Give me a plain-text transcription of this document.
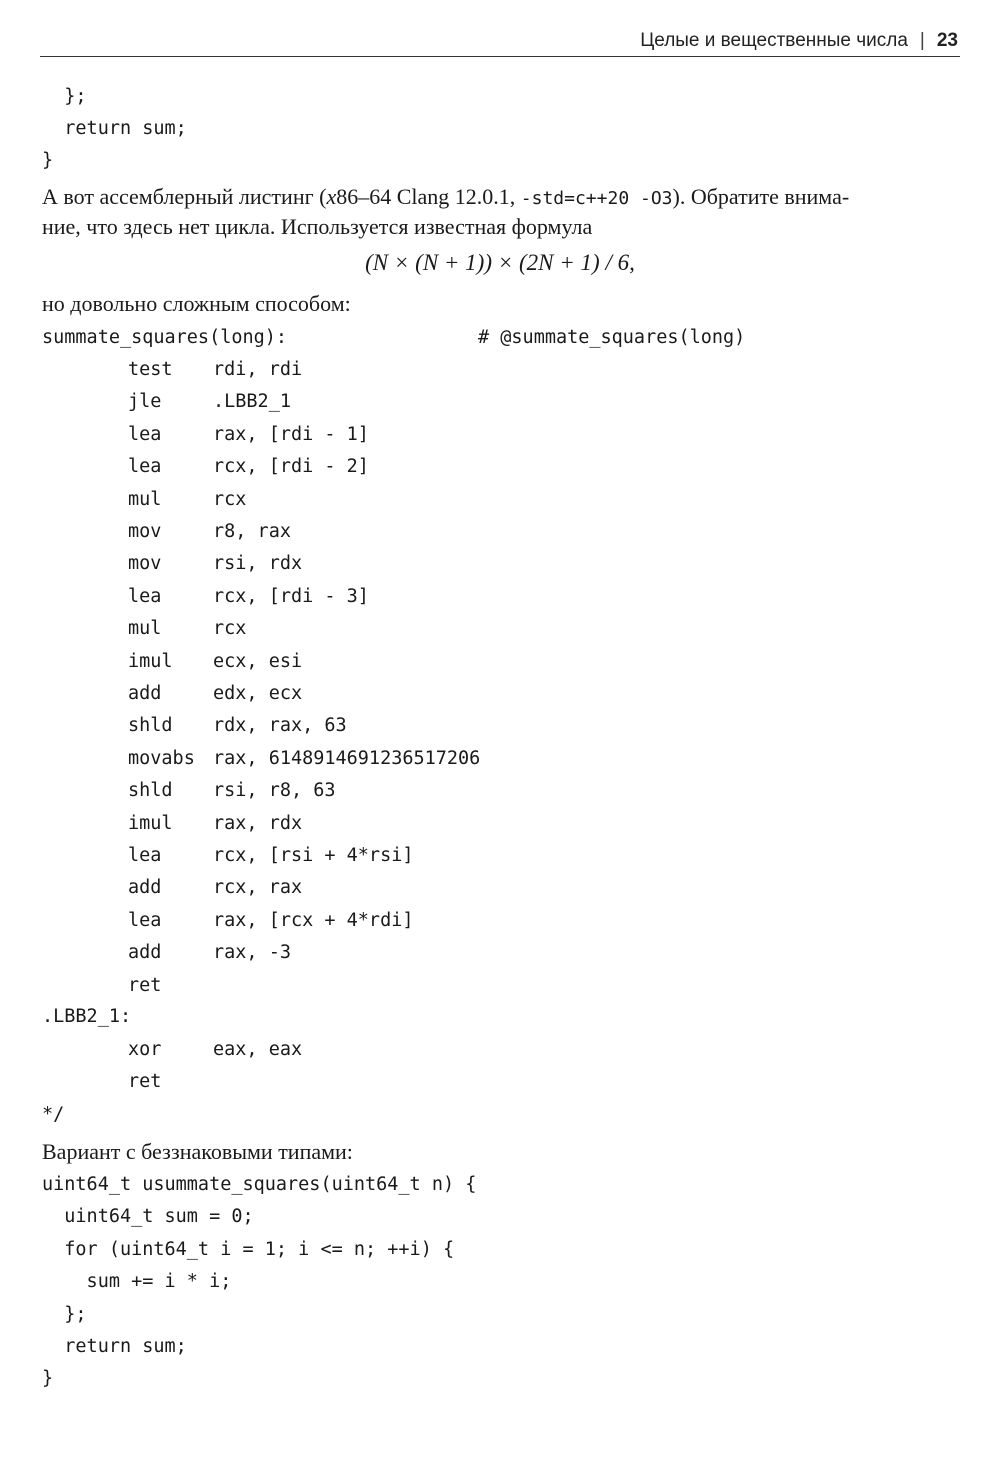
Целые и вещественные числа | 23
};
return sum;
}
А вот ассемблерный листинг (x86–64 Clang 12.0.1, -std=c++20 -O3). Обратите внима-
ние, что здесь нет цикла. Используется известная формула
(N × (N + 1)) × (2N + 1) / 6,
но довольно сложным способом:
summate_squares(long):	# @summate_squares(long)
test rdi, rdi
jle	.LBB2_1
lea	rax, [rdi - 1]
lea	rcx, [rdi - 2]
mul	rcx
mov	r8, rax
mov	rsi, rdx
lea	rcx, [rdi - 3]
mul	rcx
imul ecx, esi
add	edx, ecx
shld rdx, rax, 63
movabs rax, 6148914691236517206
shld rsi, r8, 63
imul rax, rdx
lea	rcx, [rsi + 4*rsi]
add	rcx, rax
lea	rax, [rcx + 4*rdi]
add	rax, -3
ret
.LBB2_1:
xor	eax, eax
ret
*/
Вариант с беззнаковыми типами:
uint64_t usummate_squares(uint64_t n) {
uint64_t sum = 0;
for (uint64_t i = 1; i <= n; ++i) {
sum += i * i;
};
return sum;
}
